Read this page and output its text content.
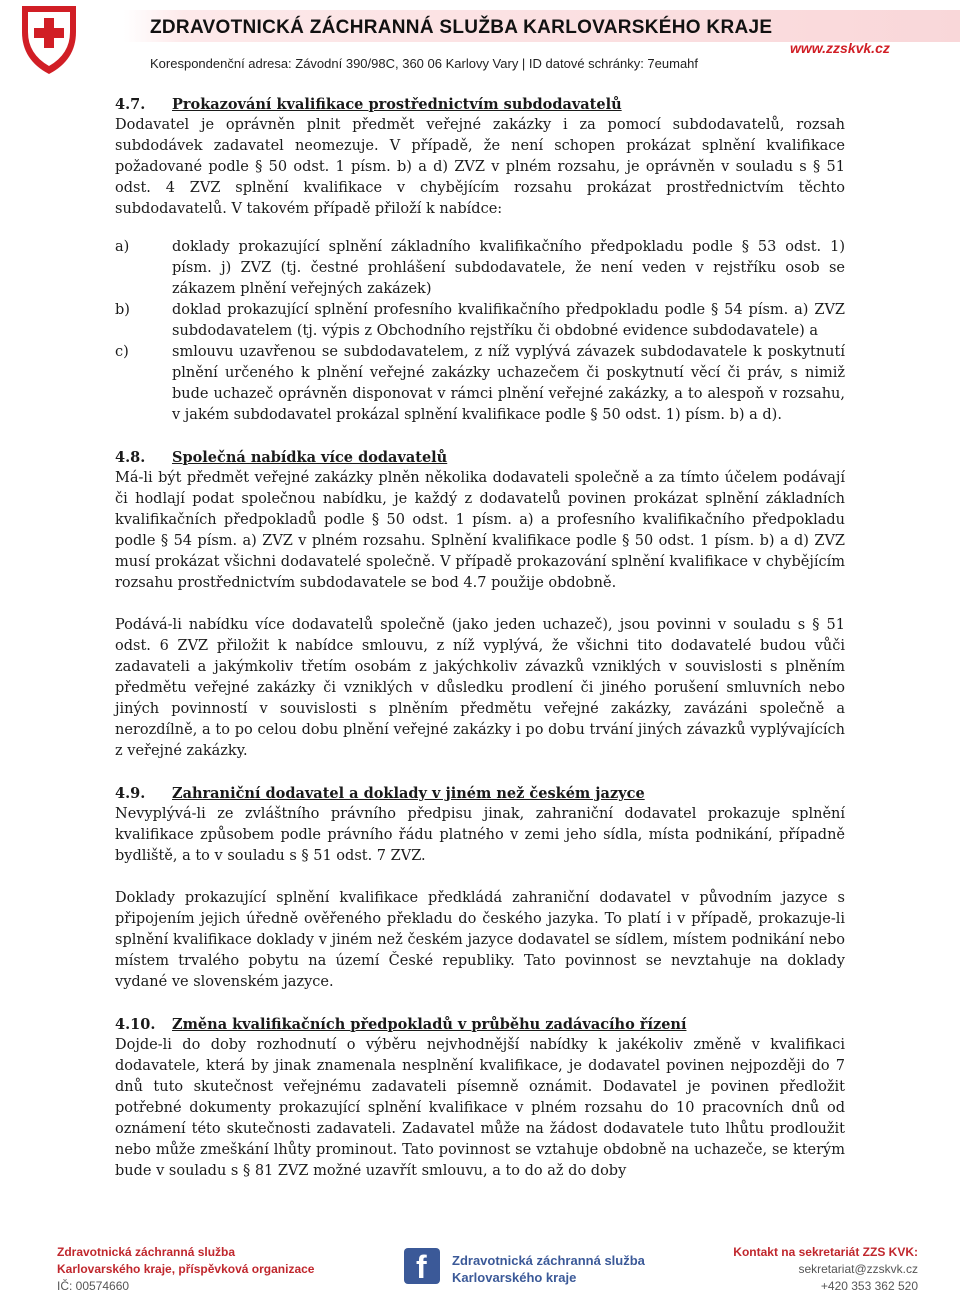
ZDRAVOTNICKÁ ZÁCHRANNÁ SLUŽBA KARLOVARSKÉHO KRAJE
www.zzskvk.cz
Korespondenční adresa: Závodní 390/98C, 360 06 Karlovy Vary | ID datové schránky: 7eumahf
4.7.	Prokazování kvalifikace prostřednictvím subdodavatelů

Dodavatel je oprávněn plnit předmět veřejné zakázky i za pomocí subdodavatelů, rozsah subdodávek zadavatel neomezuje. V případě, že není schopen prokázat splnění kvalifikace požadované podle § 50 odst. 1 písm. b) a d) ZVZ v plném rozsahu, je oprávněn v souladu s § 51 odst. 4 ZVZ splnění kvalifikace v chybějícím rozsahu prokázat prostřednictvím těchto subdodavatelů. V takovém případě přiloží k nabídce:

a)	doklady prokazující splnění základního kvalifikačního předpokladu podle § 53 odst. 1) písm. j) ZVZ (tj. čestné prohlášení subdodavatele, že není veden v rejstříku osob se zákazem plnění veřejných zakázek)
b)	doklad prokazující splnění profesního kvalifikačního předpokladu podle § 54 písm. a) ZVZ subdodavatelem (tj. výpis z Obchodního rejstříku či obdobné evidence subdodavatele) a
c)	smlouvu uzavřenou se subdodavatelem, z níž vyplývá závazek subdodavatele k poskytnutí plnění určeného k plnění veřejné zakázky uchazečem či poskytnutí věcí či práv, s nimiž bude uchazeč oprávněn disponovat v rámci plnění veřejné zakázky, a to alespoň v rozsahu, v jakém subdodavatel prokázal splnění kvalifikace podle § 50 odst. 1) písm. b) a d).
4.8.	Společná nabídka více dodavatelů

Má-li být předmět veřejné zakázky plněn několika dodavateli společně a za tímto účelem podávají či hodlají podat společnou nabídku, je každý z dodavatelů povinen prokázat splnění základních kvalifikačních předpokladů podle § 50 odst. 1 písm. a) a profesního kvalifikačního předpokladu podle § 54 písm. a) ZVZ v plném rozsahu. Splnění kvalifikace podle § 50 odst. 1 písm. b) a d) ZVZ musí prokázat všichni dodavatelé společně. V případě prokazování splnění kvalifikace v chybějícím rozsahu prostřednictvím subdodavatele se bod 4.7 použije obdobně.

Podává-li nabídku více dodavatelů společně (jako jeden uchazeč), jsou povinni v souladu s § 51 odst. 6 ZVZ přiložit k nabídce smlouvu, z níž vyplývá, že všichni tito dodavatelé budou vůči zadavateli a jakýmkoliv třetím osobám z jakýchkoliv závazků vzniklých v souvislosti s plněním předmětu veřejné zakázky či vzniklých v důsledku prodlení či jiného porušení smluvních nebo jiných povinností v souvislosti s plněním předmětu veřejné zakázky, zavázáni společně a nerozdílně, a to po celou dobu plnění veřejné zakázky i po dobu trvání jiných závazků vyplývajících z veřejné zakázky.

4.9.	Zahraniční dodavatel a doklady v jiném než českém jazyce

Nevyplývá-li ze zvláštního právního předpisu jinak, zahraniční dodavatel prokazuje splnění kvalifikace způsobem podle právního řádu platného v zemi jeho sídla, místa podnikání, případně bydliště, a to v souladu s § 51 odst. 7 ZVZ.

Doklady prokazující splnění kvalifikace předkládá zahraniční dodavatel v původním jazyce s připojením jejich úředně ověřeného překladu do českého jazyka. To platí i v případě, prokazuje-li splnění kvalifikace doklady v jiném než českém jazyce dodavatel se sídlem, místem podnikání nebo místem trvalého pobytu na území České republiky. Tato povinnost se nevztahuje na doklady vydané ve slovenském jazyce.

4.10.	Změna kvalifikačních předpokladů v průběhu zadávacího řízení

Dojde-li do doby rozhodnutí o výběru nejvhodnější nabídky k jakékoliv změně v kvalifikaci dodavatele, která by jinak znamenala nesplnění kvalifikace, je dodavatel povinen nejpozději do 7 dnů tuto skutečnost veřejnému zadavateli písemně oznámit. Dodavatel je povinen předložit potřebné dokumenty prokazující splnění kvalifikace v plném rozsahu do 10 pracovních dnů od oznámení této skutečnosti zadavateli. Zadavatel může na žádost dodavatele tuto lhůtu prodloužit nebo může zmeškání lhůty prominout. Tato povinnost se vztahuje obdobně na uchazeče, se kterým bude v souladu s § 81 ZVZ možné uzavřít smlouvu, a to do až do doby

Zdravotnická záchranná služba
Karlovarského kraje, příspěvková organizace
IČ: 00574660
f Zdravotnická záchranná služba
Karlovarského kraje
Kontakt na sekretariát ZZS KVK:
sekretariat@zzskvk.cz
+420 353 362 520
